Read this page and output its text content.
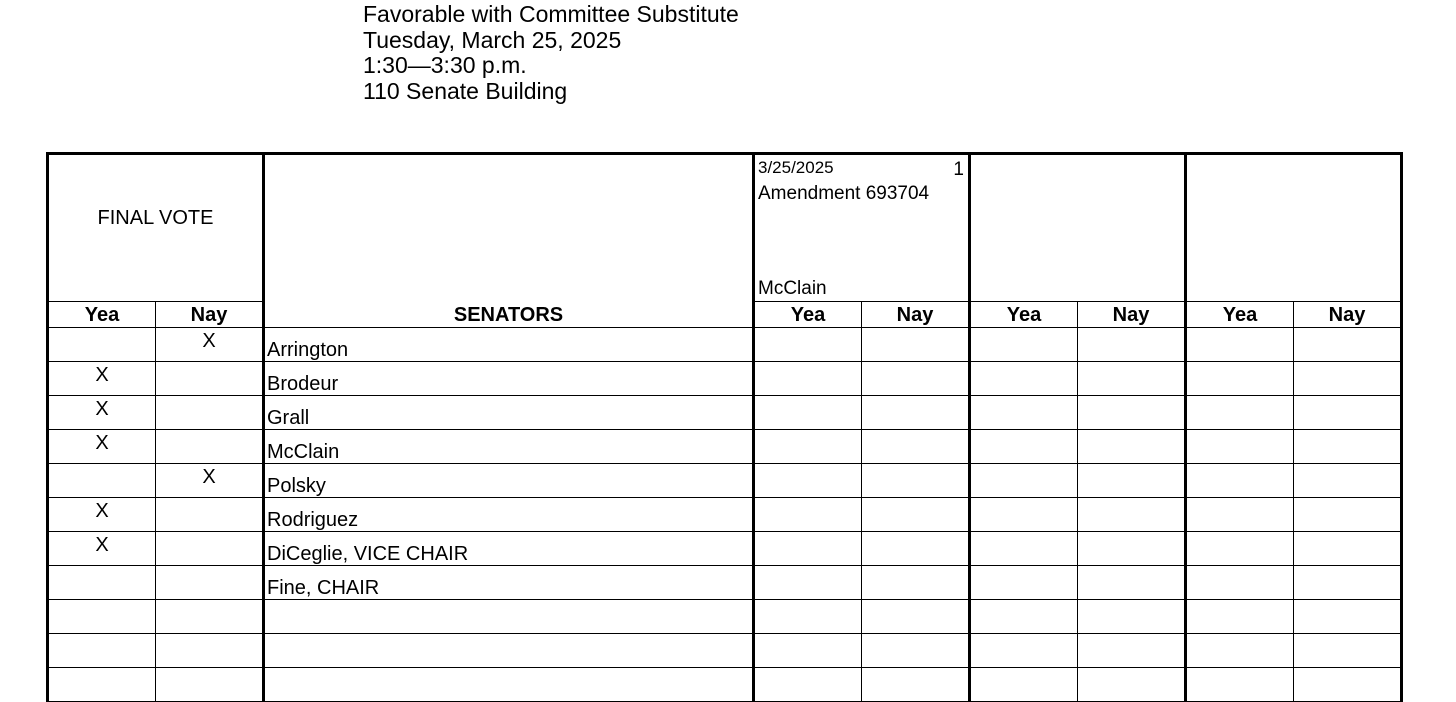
Favorable with Committee Substitute
Tuesday, March 25, 2025
1:30—3:30 p.m.
110 Senate Building
FINAL VOTE		SENATORS	3/25/2025 1
Amendment 693704
McClain					

Yea	Nay		Yea	Nay	Yea	Nay	Yea	Nay
	X	Arrington						
X		Brodeur						
X		Grall						
X		McClain						
	X	Polsky						
X		Rodriguez						
X		DiCeglie, VICE CHAIR						
		Fine, CHAIR						
